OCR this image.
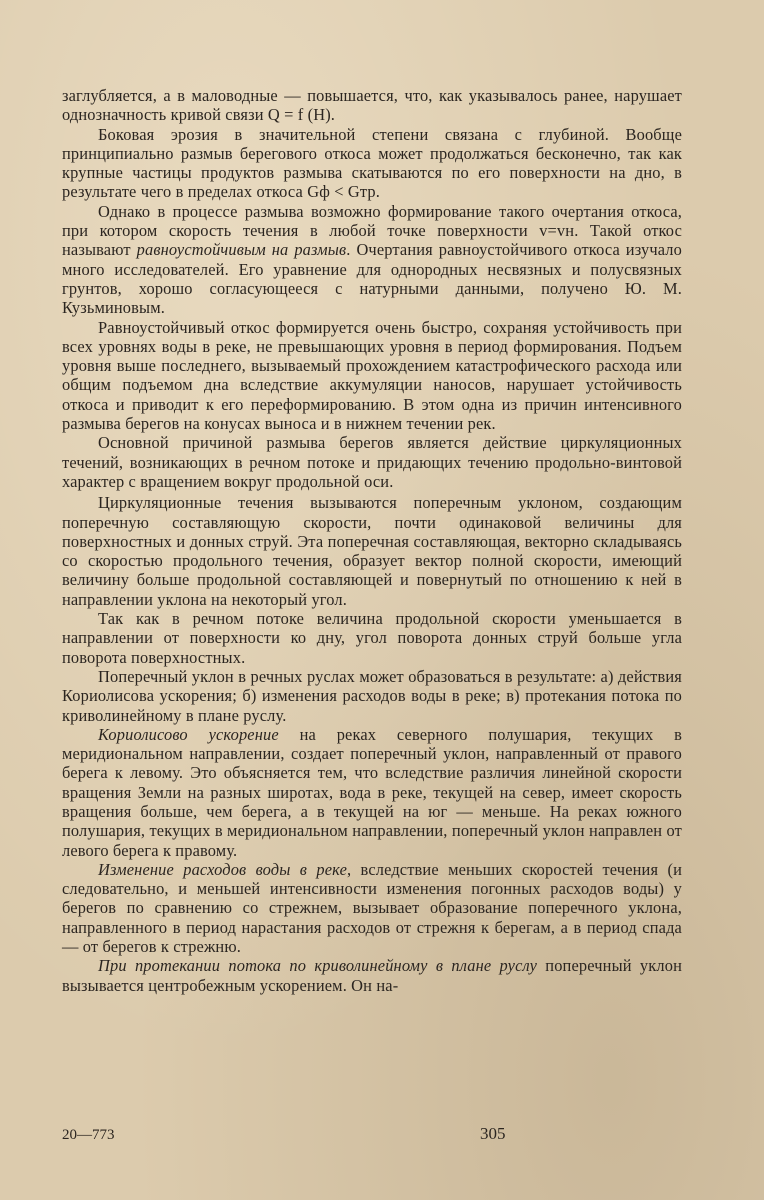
заглубляется, а в маловодные — повышается, что, как указывалось ранее, нарушает однозначность кривой связи Q = f (H).

Боковая эрозия в значительной степени связана с глубиной. Вообще принципиально размыв берегового откоса может продолжаться бесконечно, так как крупные частицы продуктов размыва скатываются по его поверхности на дно, в результате чего в пределах откоса Gф < Gтр.

Однако в процессе размыва возможно формирование такого очертания откоса, при котором скорость течения в любой точке поверхности v=vн. Такой откос называют равноустойчивым на размыв. Очертания равноустойчивого откоса изучало много исследователей. Его уравнение для однородных несвязных и полусвязных грунтов, хорошо согласующееся с натурными данными, получено Ю. М. Кузьминовым.

Равноустойчивый откос формируется очень быстро, сохраняя устойчивость при всех уровнях воды в реке, не превышающих уровня в период формирования. Подъем уровня выше последнего, вызываемый прохождением катастрофического расхода или общим подъемом дна вследствие аккумуляции наносов, нарушает устойчивость откоса и приводит к его переформированию. В этом одна из причин интенсивного размыва берегов на конусах выноса и в нижнем течении рек.

Основной причиной размыва берегов является действие циркуляционных течений, возникающих в речном потоке и придающих течению продольно-винтовой характер с вращением вокруг продольной оси.

Циркуляционные течения вызываются поперечным уклоном, создающим поперечную составляющую скорости, почти одинаковой величины для поверхностных и донных струй. Эта поперечная составляющая, векторно складываясь со скоростью продольного течения, образует вектор полной скорости, имеющий величину больше продольной составляющей и повернутый по отношению к ней в направлении уклона на некоторый угол.

Так как в речном потоке величина продольной скорости уменьшается в направлении от поверхности ко дну, угол поворота донных струй больше угла поворота поверхностных.

Поперечный уклон в речных руслах может образоваться в результате: а) действия Кориолисова ускорения; б) изменения расходов воды в реке; в) протекания потока по криволинейному в плане руслу.

Кориолисово ускорение на реках северного полушария, текущих в меридиональном направлении, создает поперечный уклон, направленный от правого берега к левому. Это объясняется тем, что вследствие различия линейной скорости вращения Земли на разных широтах, вода в реке, текущей на север, имеет скорость вращения больше, чем берега, а в текущей на юг — меньше. На реках южного полушария, текущих в меридиональном направлении, поперечный уклон направлен от левого берега к правому.

Изменение расходов воды в реке, вследствие меньших скоростей течения (и следовательно, и меньшей интенсивности изменения погонных расходов воды) у берегов по сравнению со стрежнем, вызывает образование поперечного уклона, направленного в период нарастания расходов от стрежня к берегам, а в период спада — от берегов к стрежню.

При протекании потока по криволинейному в плане руслу поперечный уклон вызывается центробежным ускорением. Он на-

20—773	305
